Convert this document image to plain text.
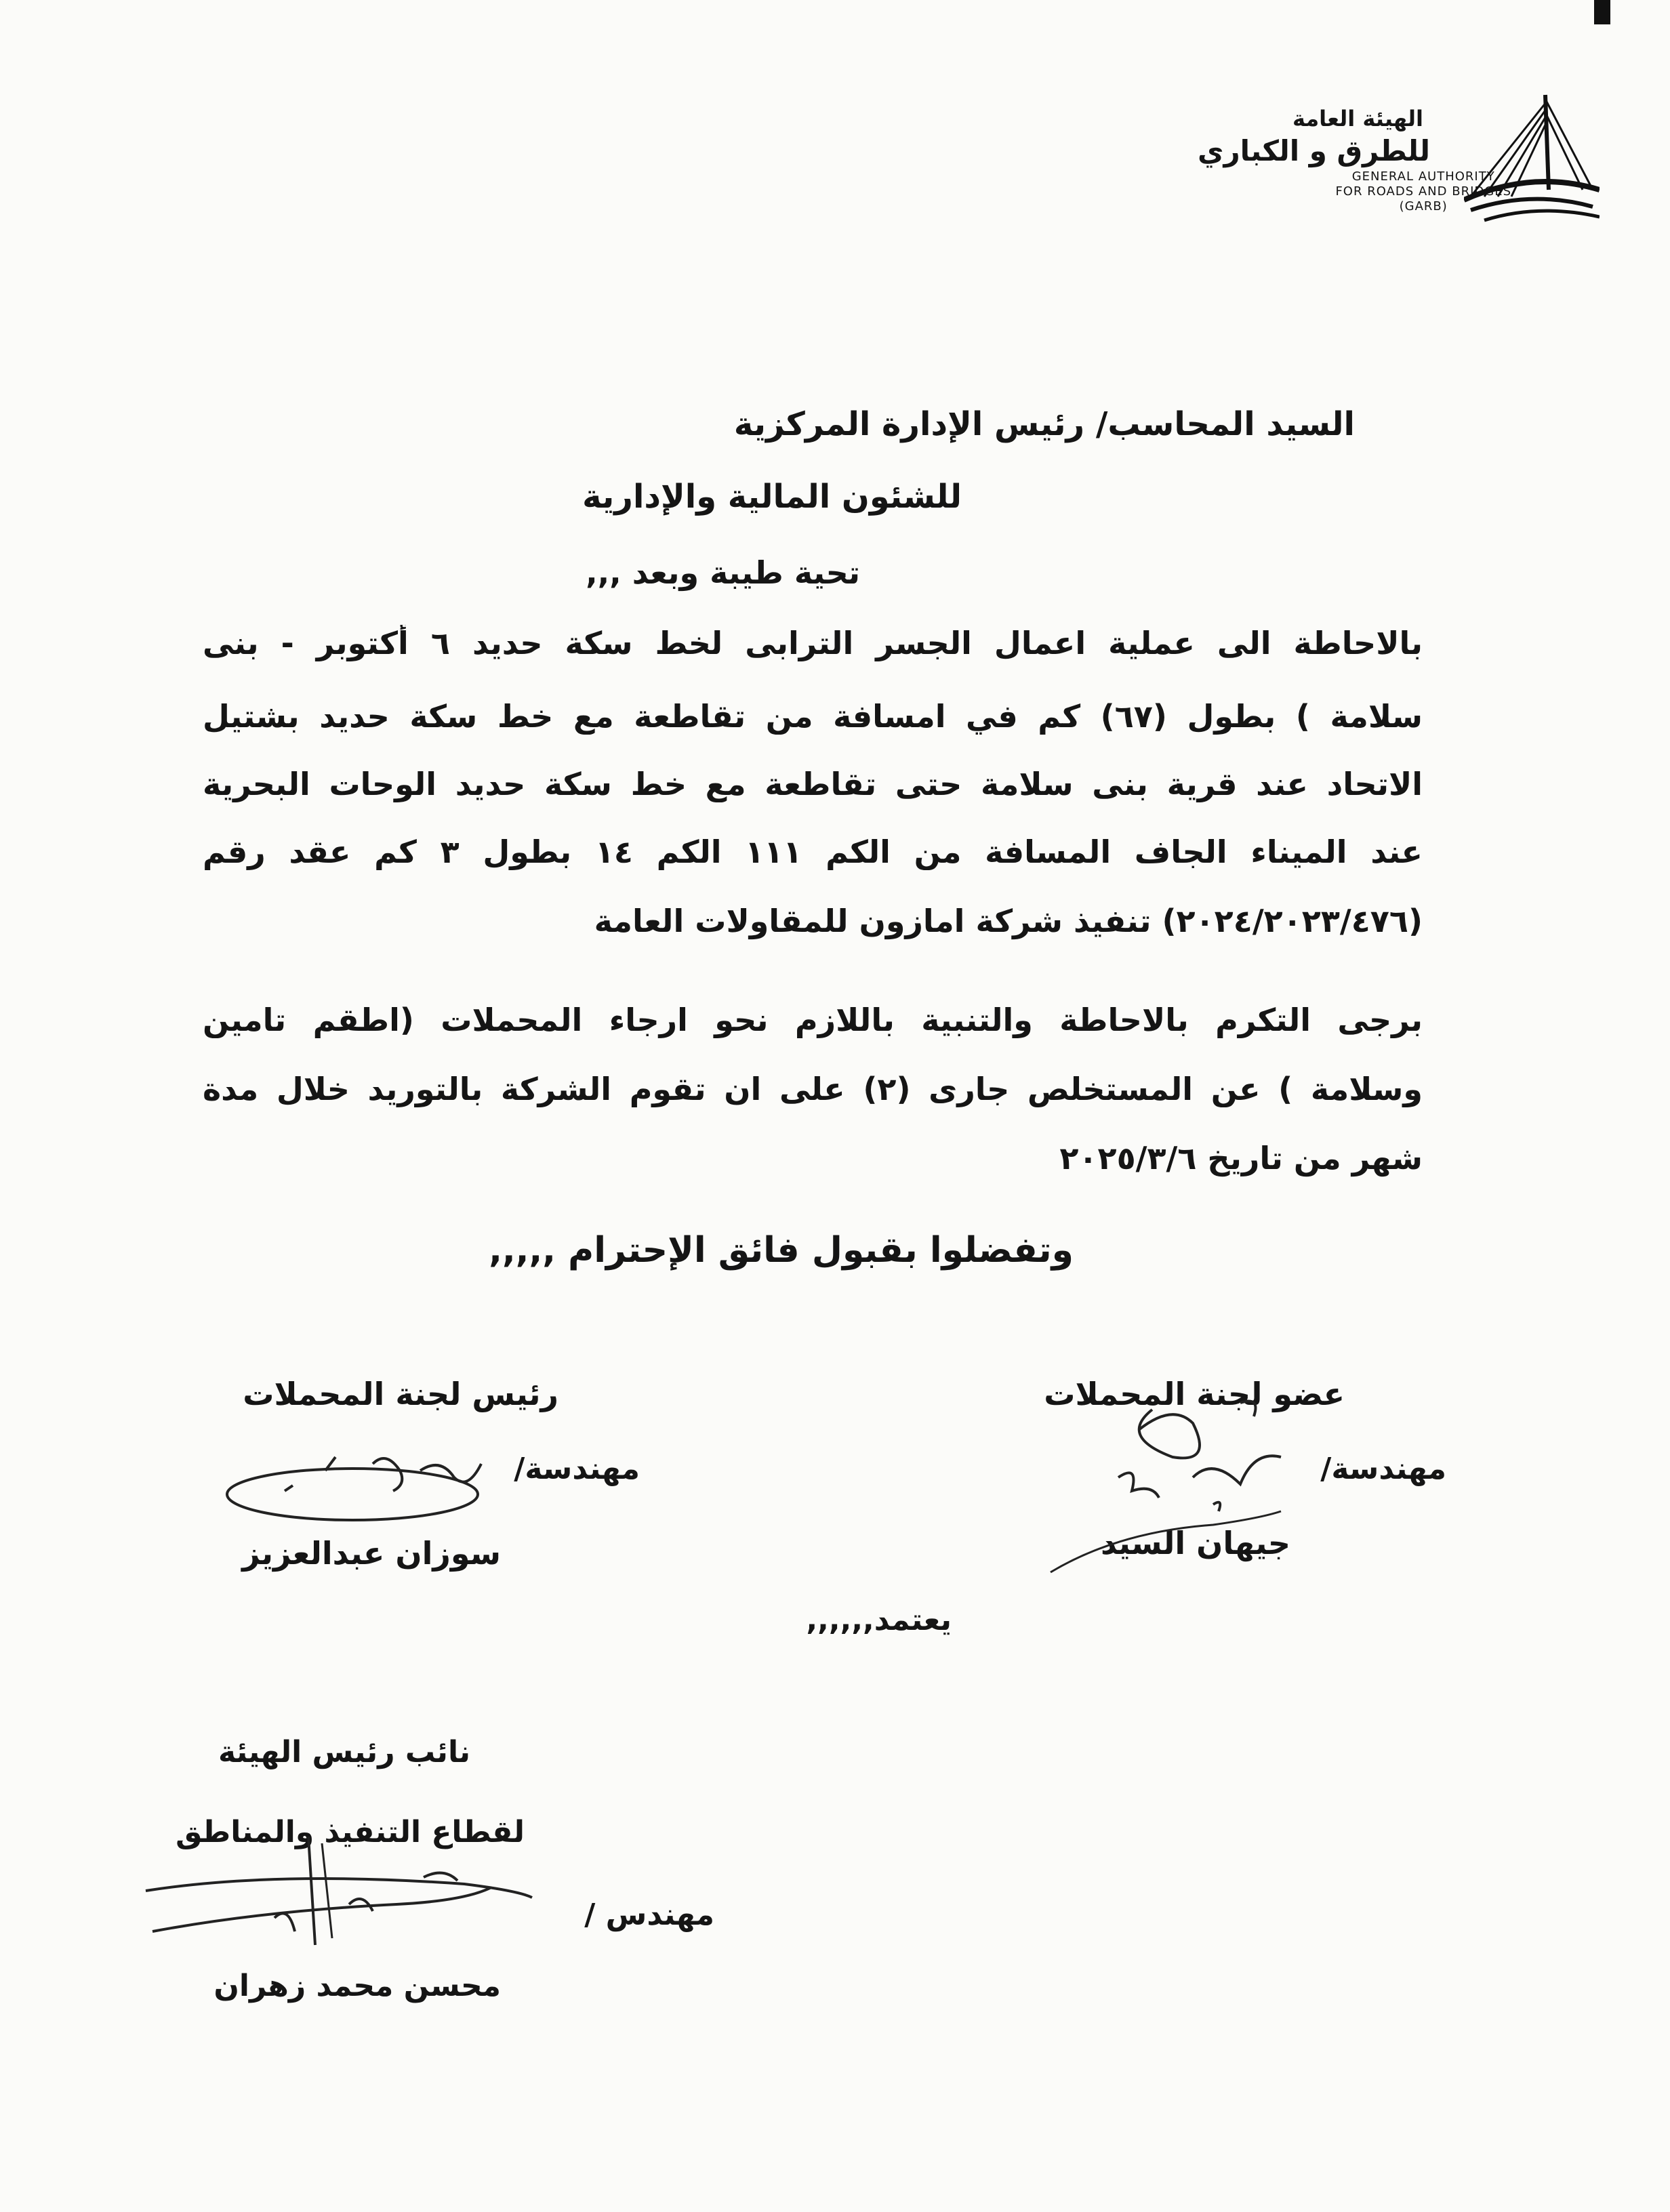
الهيئة العامة
للطرق و الكباري
GENERAL AUTHORITY
FOR ROADS AND BRIDGES
(GARB)
السيد المحاسب/ رئيس الإدارة المركزية
للشئون المالية والإدارية
تحية طيبة وبعد ,,,
بالاحاطة الى عملية اعمال الجسر الترابى لخط سكة حديد ٦ أكتوبر - بنى
سلامة ) بطول (٦٧) كم في امسافة من تقاطعة مع خط سكة حديد بشتيل
الاتحاد عند قرية بنى سلامة حتى تقاطعة مع خط سكة حديد الوحات البحرية
عند الميناء الجاف المسافة من الكم ١١١ الكم ١٤ بطول ٣ كم عقد رقم
(٢٠٢٤/٢٠٢٣/٤٧٦) تنفيذ شركة امازون للمقاولات العامة
برجى التكرم بالاحاطة والتنبية باللازم نحو ارجاء المحملات (اطقم تامين
وسلامة ) عن المستخلص جارى (٢) على ان تقوم الشركة بالتوريد خلال مدة
شهر من تاريخ ٢٠٢٥/٣/٦
وتفضلوا بقبول فائق الإحترام ,,,,,
عضو لجنة المحملات
مهندسة/
جيهان السيد
رئيس لجنة المحملات
مهندسة/
سوزان عبدالعزيز
يعتمد,,,,,,
نائب رئيس الهيئة
لقطاع التنفيذ والمناطق
مهندس /
محسن محمد زهران
